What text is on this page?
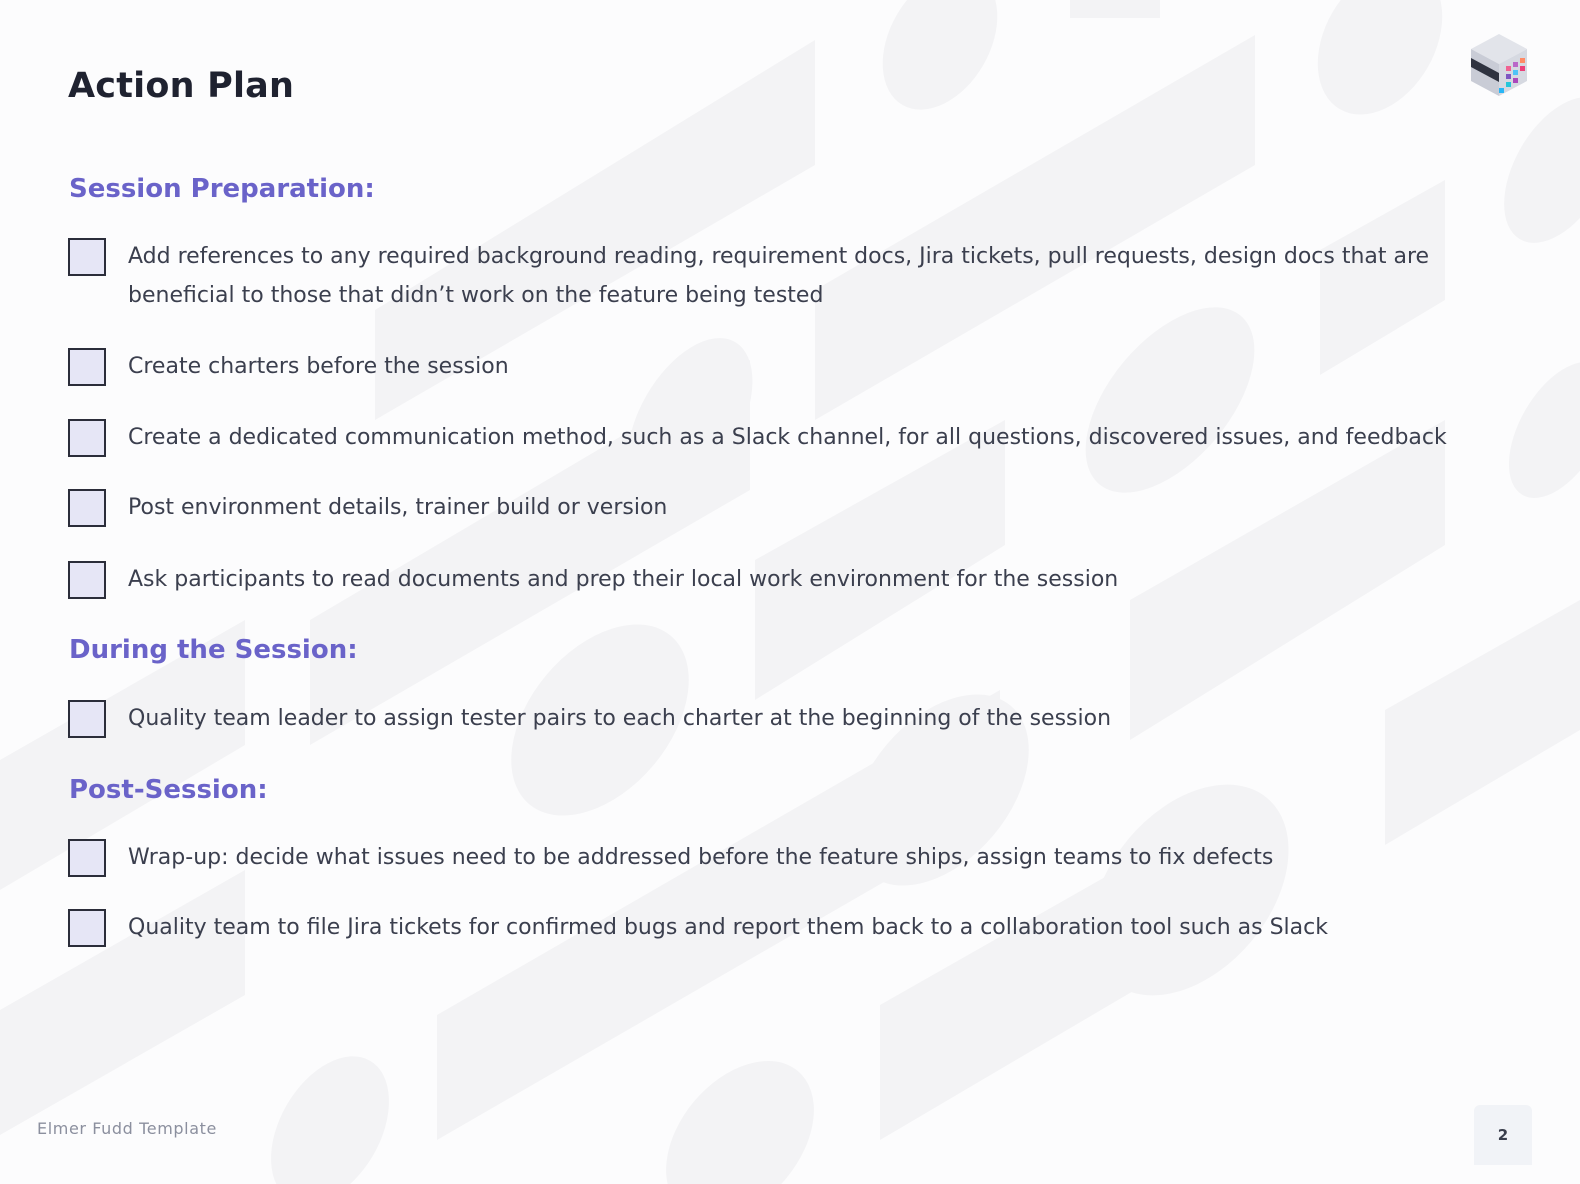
Action Plan
Session Preparation:
Add references to any required background reading, requirement docs, Jira tickets, pull requests, design docs that are beneficial to those that didn’t work on the feature being tested
Create charters before the session
Create a dedicated communication method, such as a Slack channel, for all questions, discovered issues, and feedback
Post environment details, trainer build or version
Ask participants to read documents and prep their local work environment for the session
During the Session:
Quality team leader to assign tester pairs to each charter at the beginning of the session
Post-Session:
Wrap-up: decide what issues need to be addressed before the feature ships, assign teams to fix defects
Quality team to file Jira tickets for confirmed bugs and report them back to a collaboration tool such as Slack
Elmer Fudd Template	2
